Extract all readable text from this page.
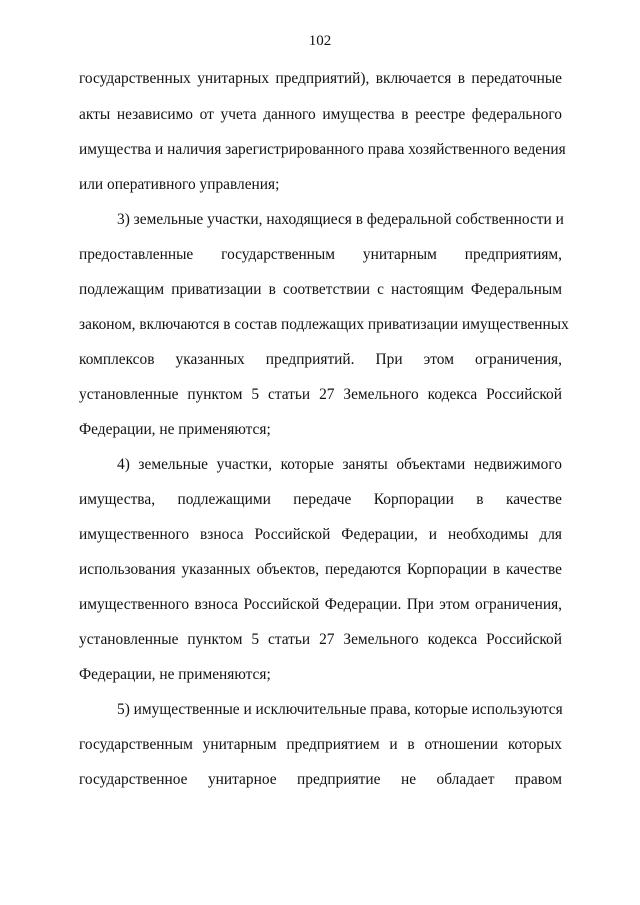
102
государственных унитарных предприятий), включается в передаточные
акты независимо от учета данного имущества в реестре федерального
имущества и наличия зарегистрированного права хозяйственного ведения
или оперативного управления;
3) земельные участки, находящиеся в федеральной собственности и
предоставленные государственным унитарным предприятиям,
подлежащим приватизации в соответствии с настоящим Федеральным
законом, включаются в состав подлежащих приватизации имущественных
комплексов указанных предприятий. При этом ограничения,
установленные пунктом 5 статьи 27 Земельного кодекса Российской
Федерации, не применяются;
4) земельные участки, которые заняты объектами недвижимого
имущества, подлежащими передаче Корпорации в качестве
имущественного взноса Российской Федерации, и необходимы для
использования указанных объектов, передаются Корпорации в качестве
имущественного взноса Российской Федерации. При этом ограничения,
установленные пунктом 5 статьи 27 Земельного кодекса Российской
Федерации, не применяются;
5) имущественные и исключительные права, которые используются
государственным унитарным предприятием и в отношении которых
государственное унитарное предприятие не обладает правом
